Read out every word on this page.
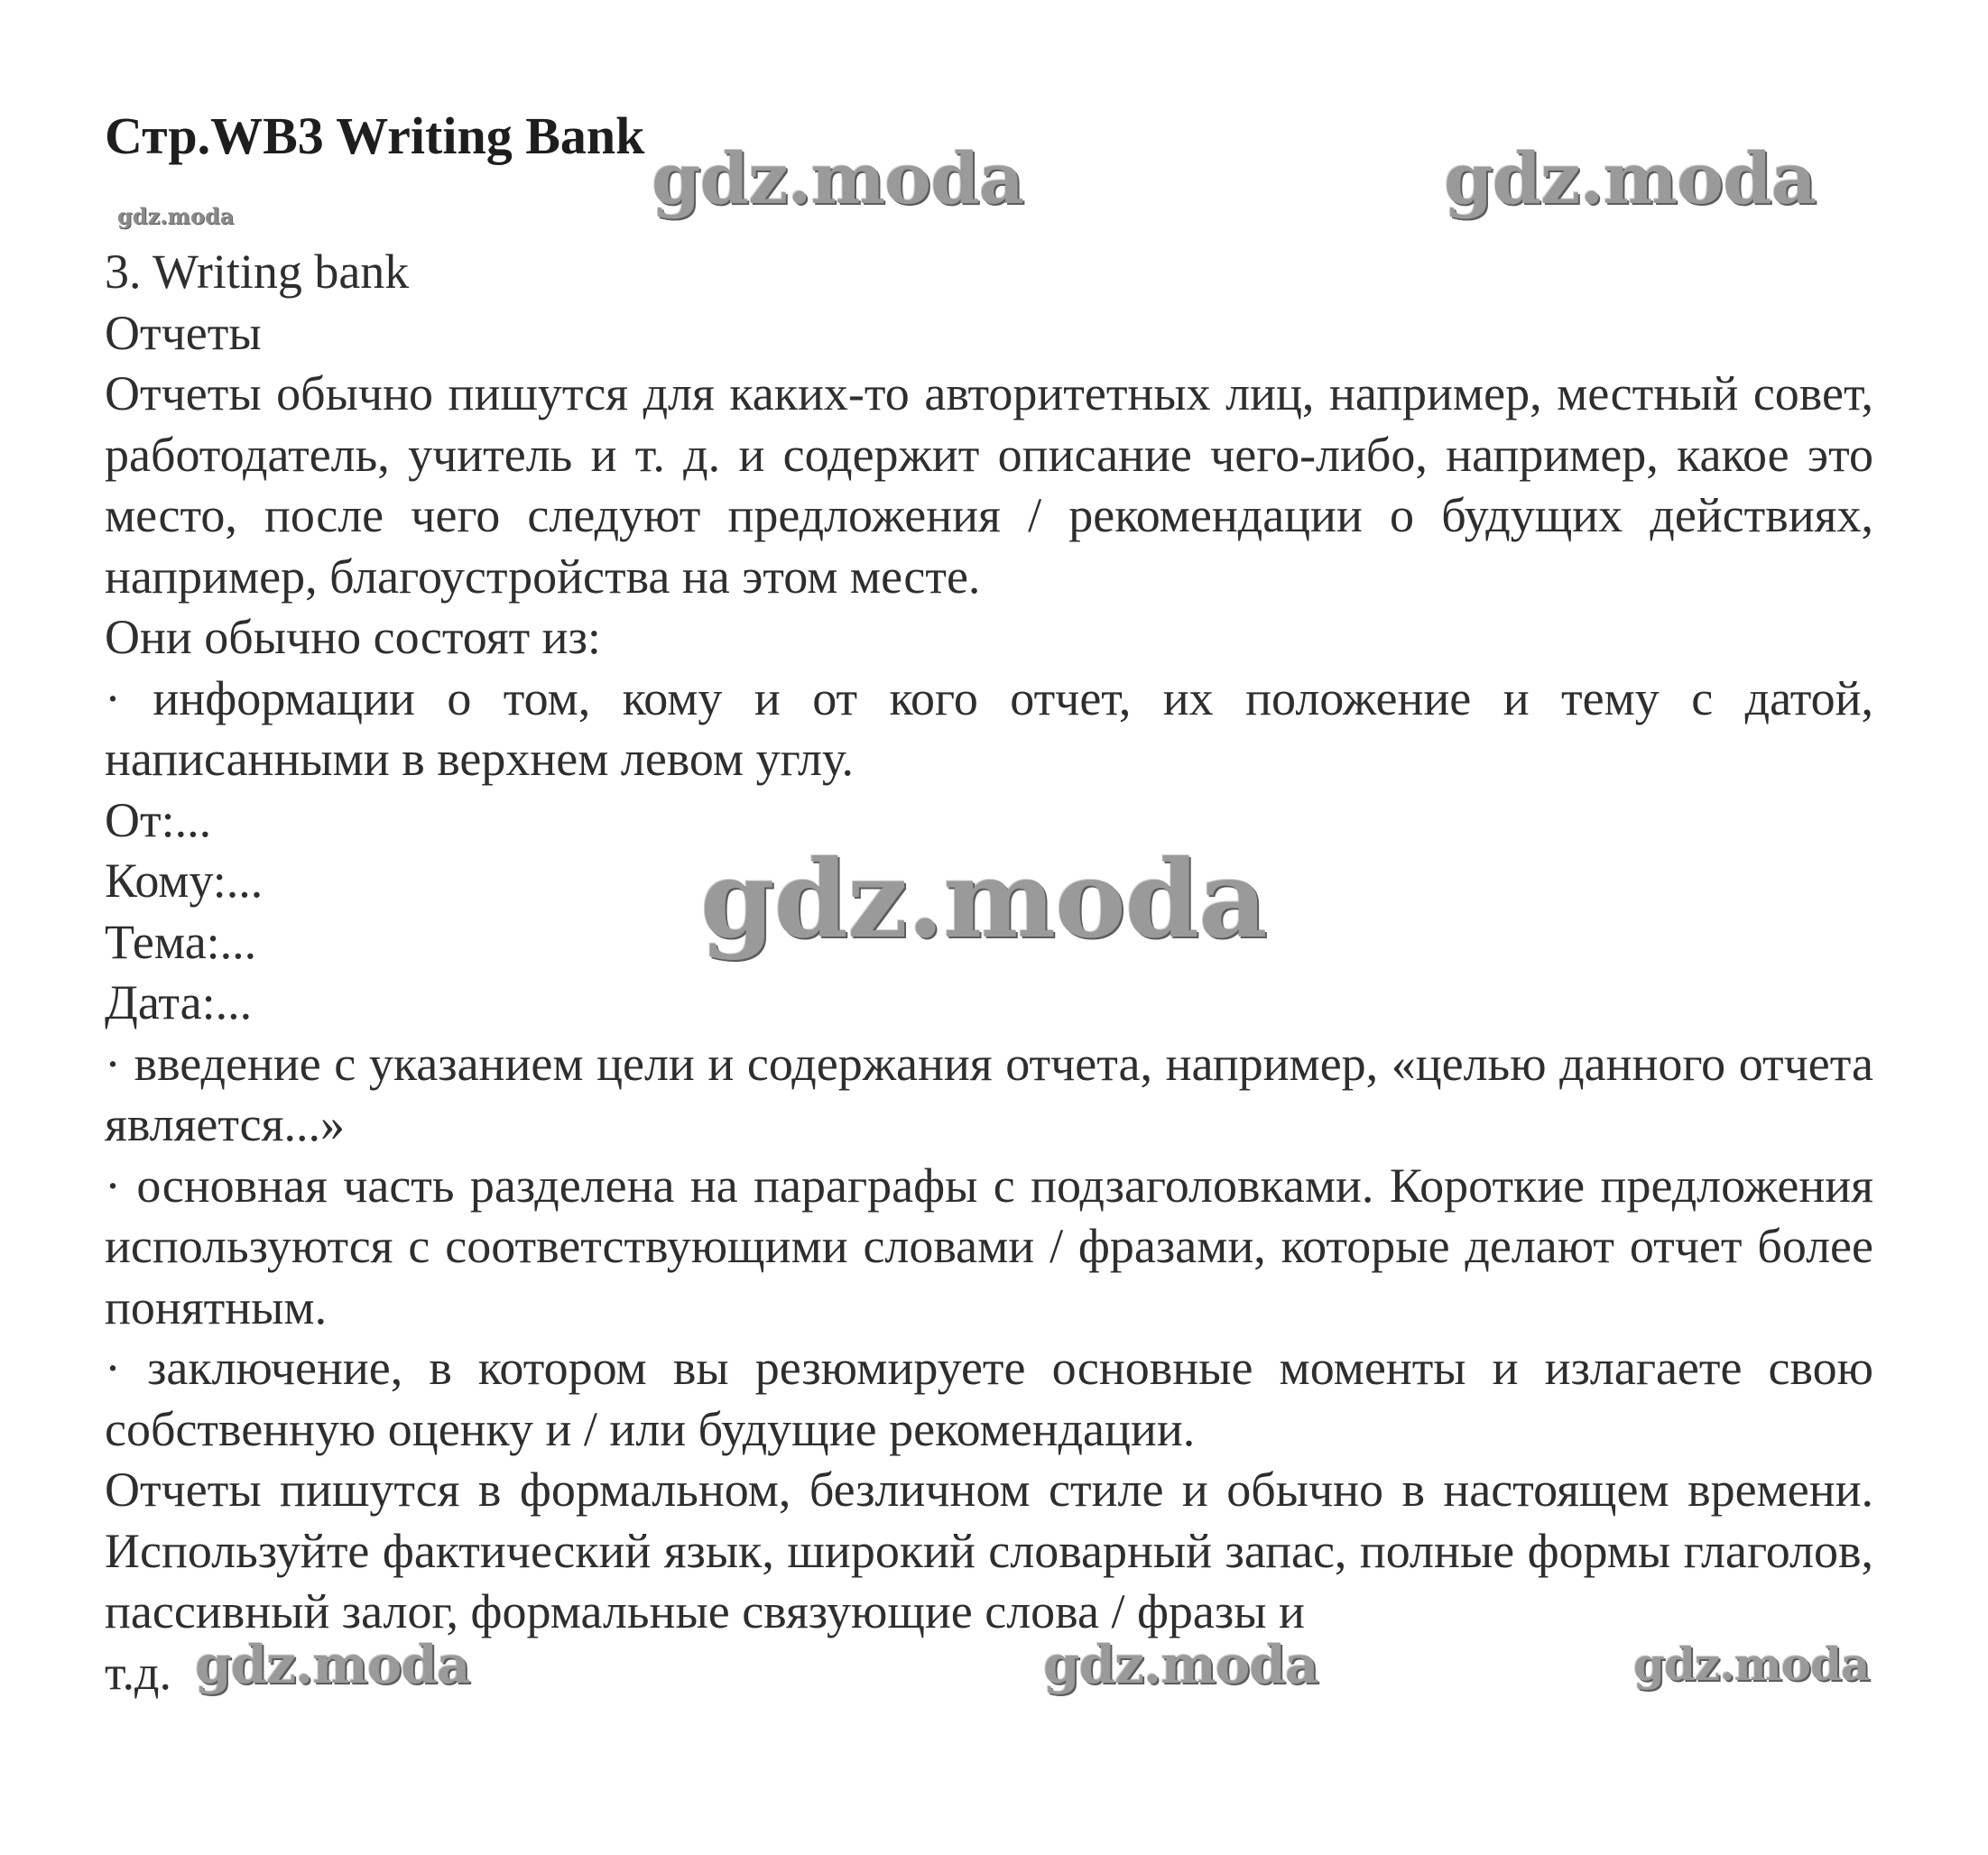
Стр.WB3 Writing Bank
gdz.moda	gdz.moda	gdz.moda
3. Writing bank
Отчеты
Отчеты обычно пишутся для каких-то авторитетных лиц, например, местный совет, работодатель, учитель и т. д. и содержит описание чего-либо, например, какое это место, после чего следуют предложения / рекомендации о будущих действиях, например, благоустройства на этом месте.
Они обычно состоят из:
· информации о том, кому и от кого отчет, их положение и тему с датой, написанными в верхнем левом углу.
От:...
Кому:...
Тема:...
Дата:...
· введение с указанием цели и содержания отчета, например, «целью данного отчета является...»
· основная часть разделена на параграфы с подзаголовками. Короткие предложения используются с соответствующими словами / фразами, которые делают отчет более понятным.
· заключение, в котором вы резюмируете основные моменты и излагаете свою собственную оценку и / или будущие рекомендации.
Отчеты пишутся в формальном, безличном стиле и обычно в настоящем времени. Используйте фактический язык, широкий словарный запас, полные формы глаголов, пассивный залог, формальные связующие слова / фразы и
т.д.
gdz.moda
gdz.moda	gdz.moda	gdz.moda
